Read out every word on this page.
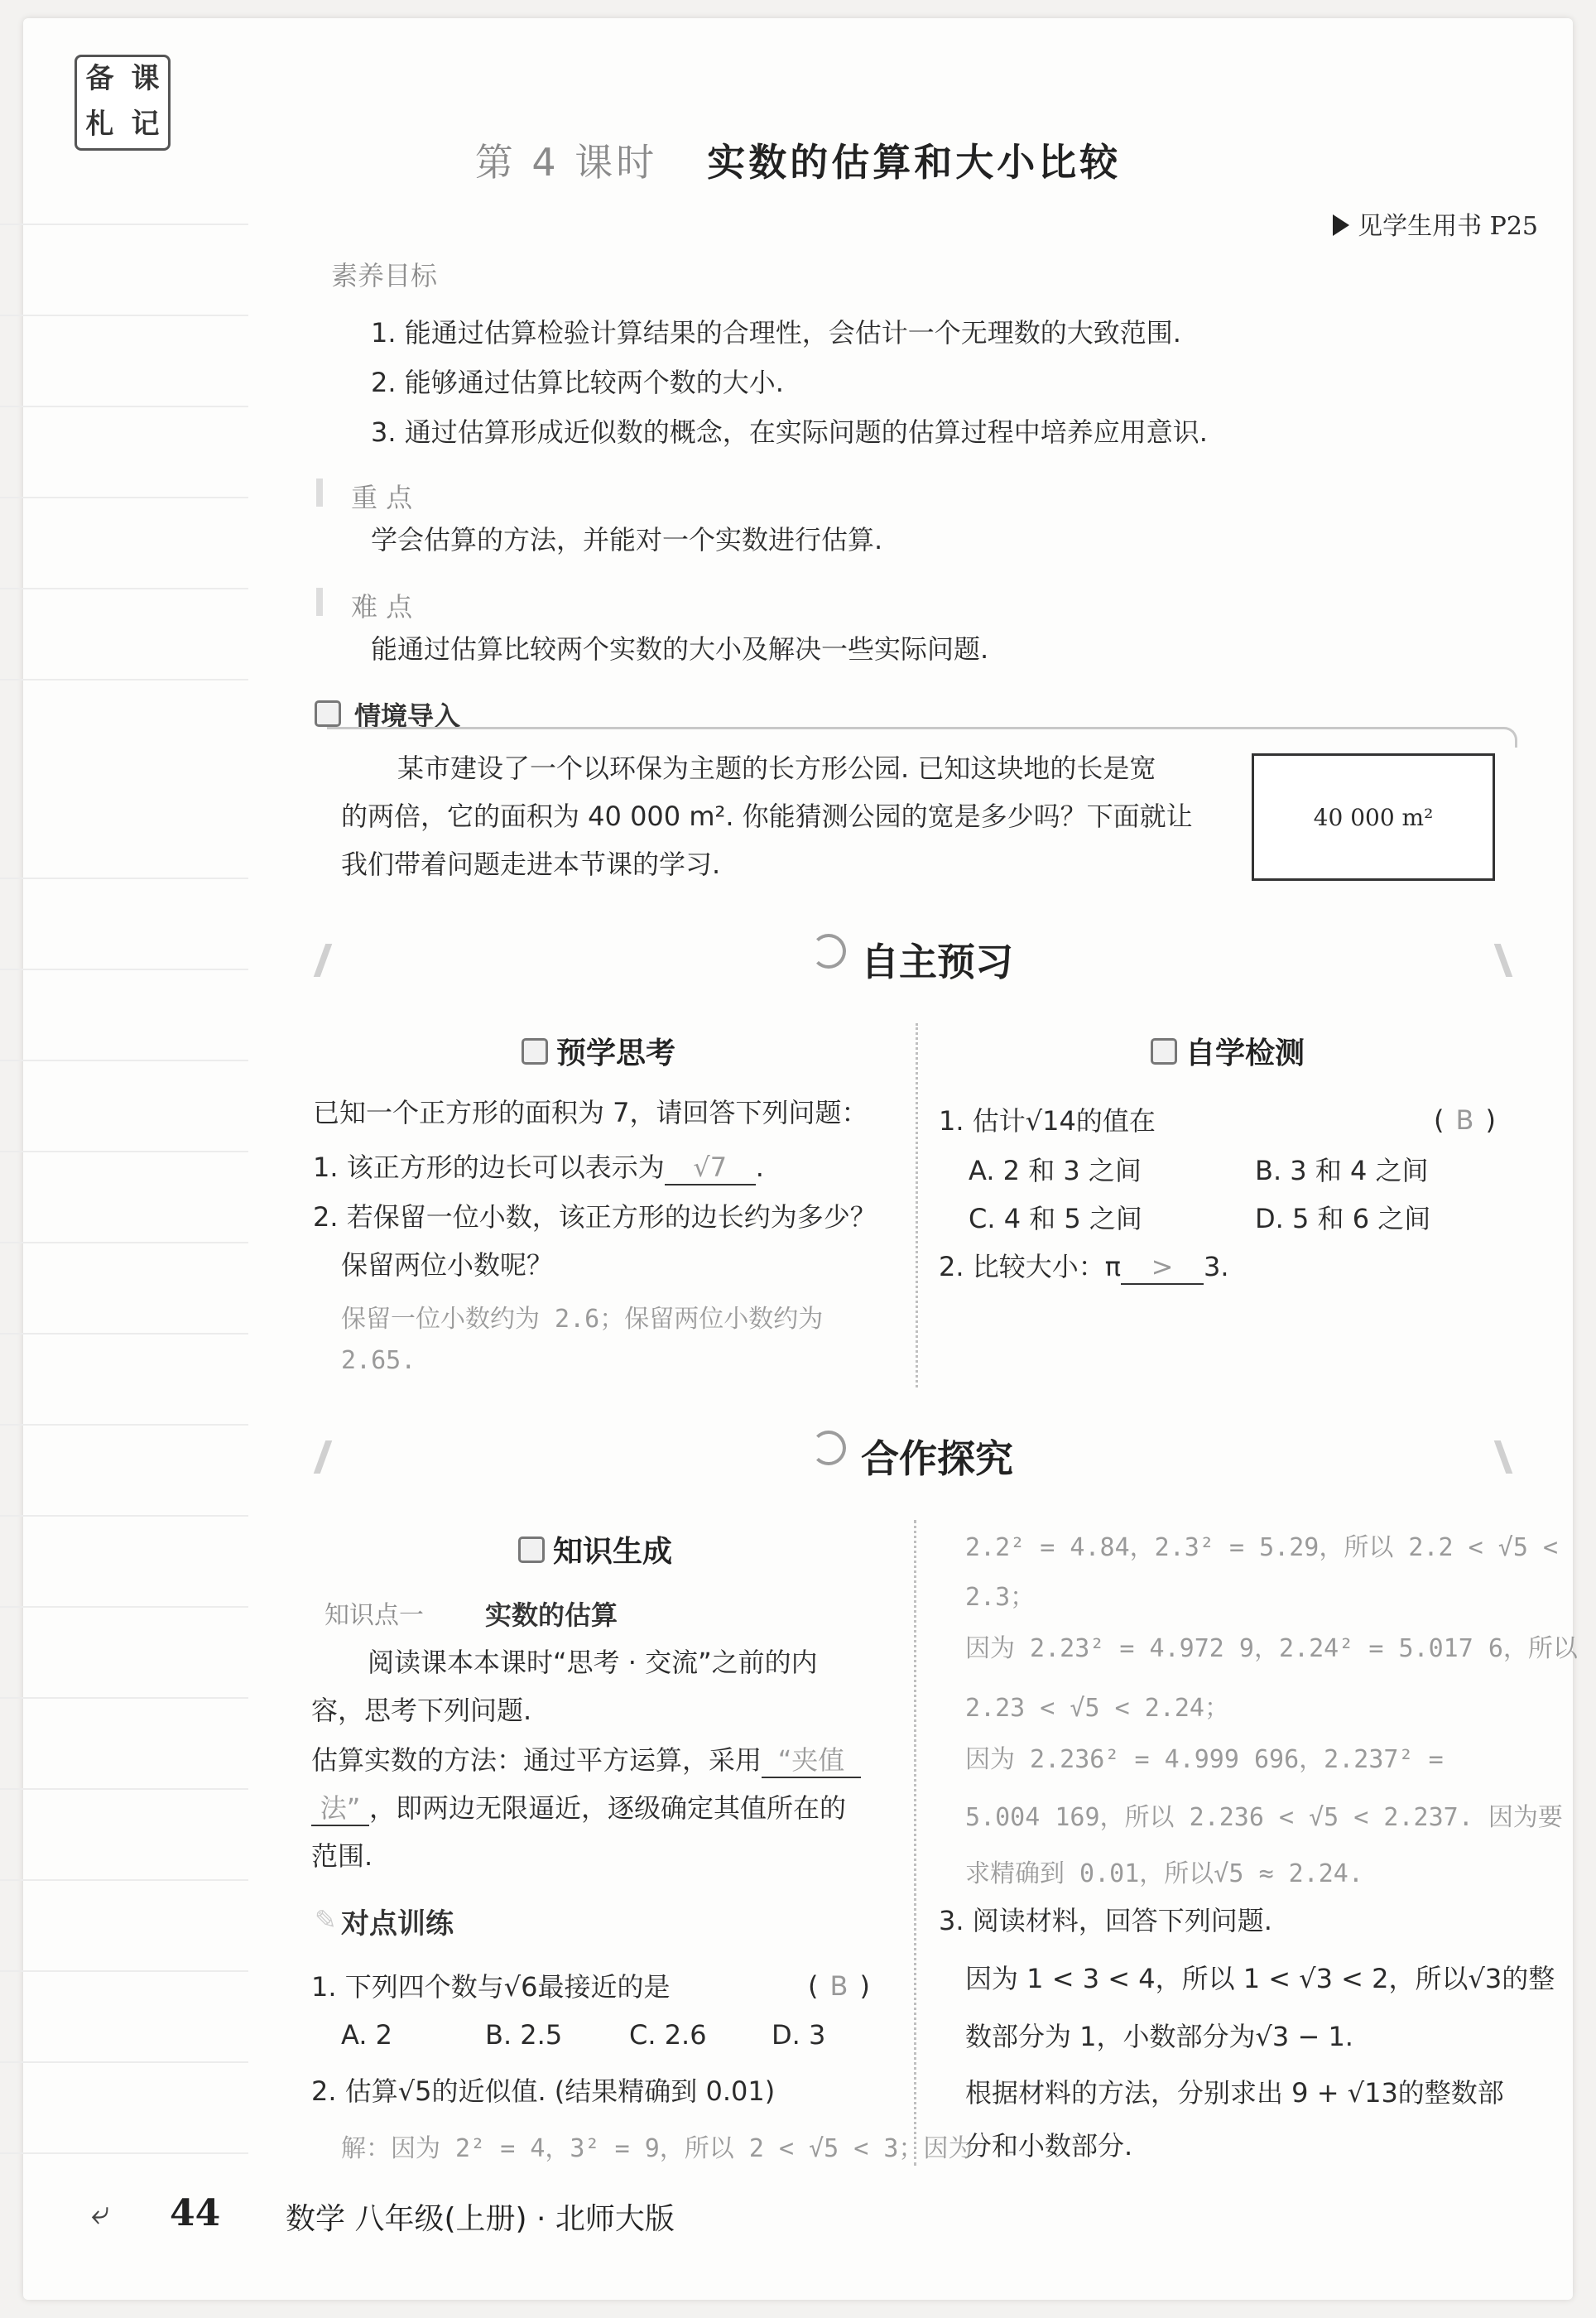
备 课
札 记
第 4 课时 实数的估算和大小比较
见学生用书 P25
素养目标
1. 能通过估算检验计算结果的合理性，会估计一个无理数的大致范围.
2. 能够通过估算比较两个数的大小.
3. 通过估算形成近似数的概念，在实际问题的估算过程中培养应用意识.
重 点
学会估算的方法，并能对一个实数进行估算.
难 点
能通过估算比较两个实数的大小及解决一些实际问题.
情境导入
某市建设了一个以环保为主题的长方形公园. 已知这块地的长是宽
的两倍，它的面积为 40 000 m². 你能猜测公园的宽是多少吗？下面就让
我们带着问题走进本节课的学习.
40 000 m²
自主预习
预学思考
已知一个正方形的面积为 7，请回答下列问题：
1. 该正方形的边长可以表示为 √7 .
2. 若保留一位小数，该正方形的边长约为多少？
保留两位小数呢？
保留一位小数约为 2.6；保留两位小数约为
2.65.
自学检测
1. 估计√14的值在	( B )
A. 2 和 3 之间	B. 3 和 4 之间
C. 4 和 5 之间	D. 5 和 6 之间
2. 比较大小：π > 3.
合作探究
知识生成
知识点一 实数的估算
阅读课本本课时“思考 · 交流”之前的内
容，思考下列问题.
估算实数的方法：通过平方运算，采用 “夹值
法” ，即两边无限逼近，逐级确定其值所在的
范围.
✎ 对点训练
1. 下列四个数与√6最接近的是	( B )
A. 2	B. 2.5	C. 2.6 D. 3
2. 估算√5的近似值. (结果精确到 0.01)
解：因为 2² = 4，3² = 9，所以 2 < √5 < 3；因为
2.2² = 4.84，2.3² = 5.29，所以 2.2 < √5 <
2.3；
因为 2.23² = 4.972 9，2.24² = 5.017 6，所以
2.23 < √5 < 2.24；
因为 2.236² = 4.999 696，2.237² =
5.004 169，所以 2.236 < √5 < 2.237. 因为要
求精确到 0.01，所以√5 ≈ 2.24.
3. 阅读材料，回答下列问题.
因为 1 < 3 < 4，所以 1 < √3 < 2，所以√3的整
数部分为 1，小数部分为√3 − 1.
根据材料的方法，分别求出 9 + √13的整数部
分和小数部分.
⤶ 44 数学 八年级(上册) · 北师大版
